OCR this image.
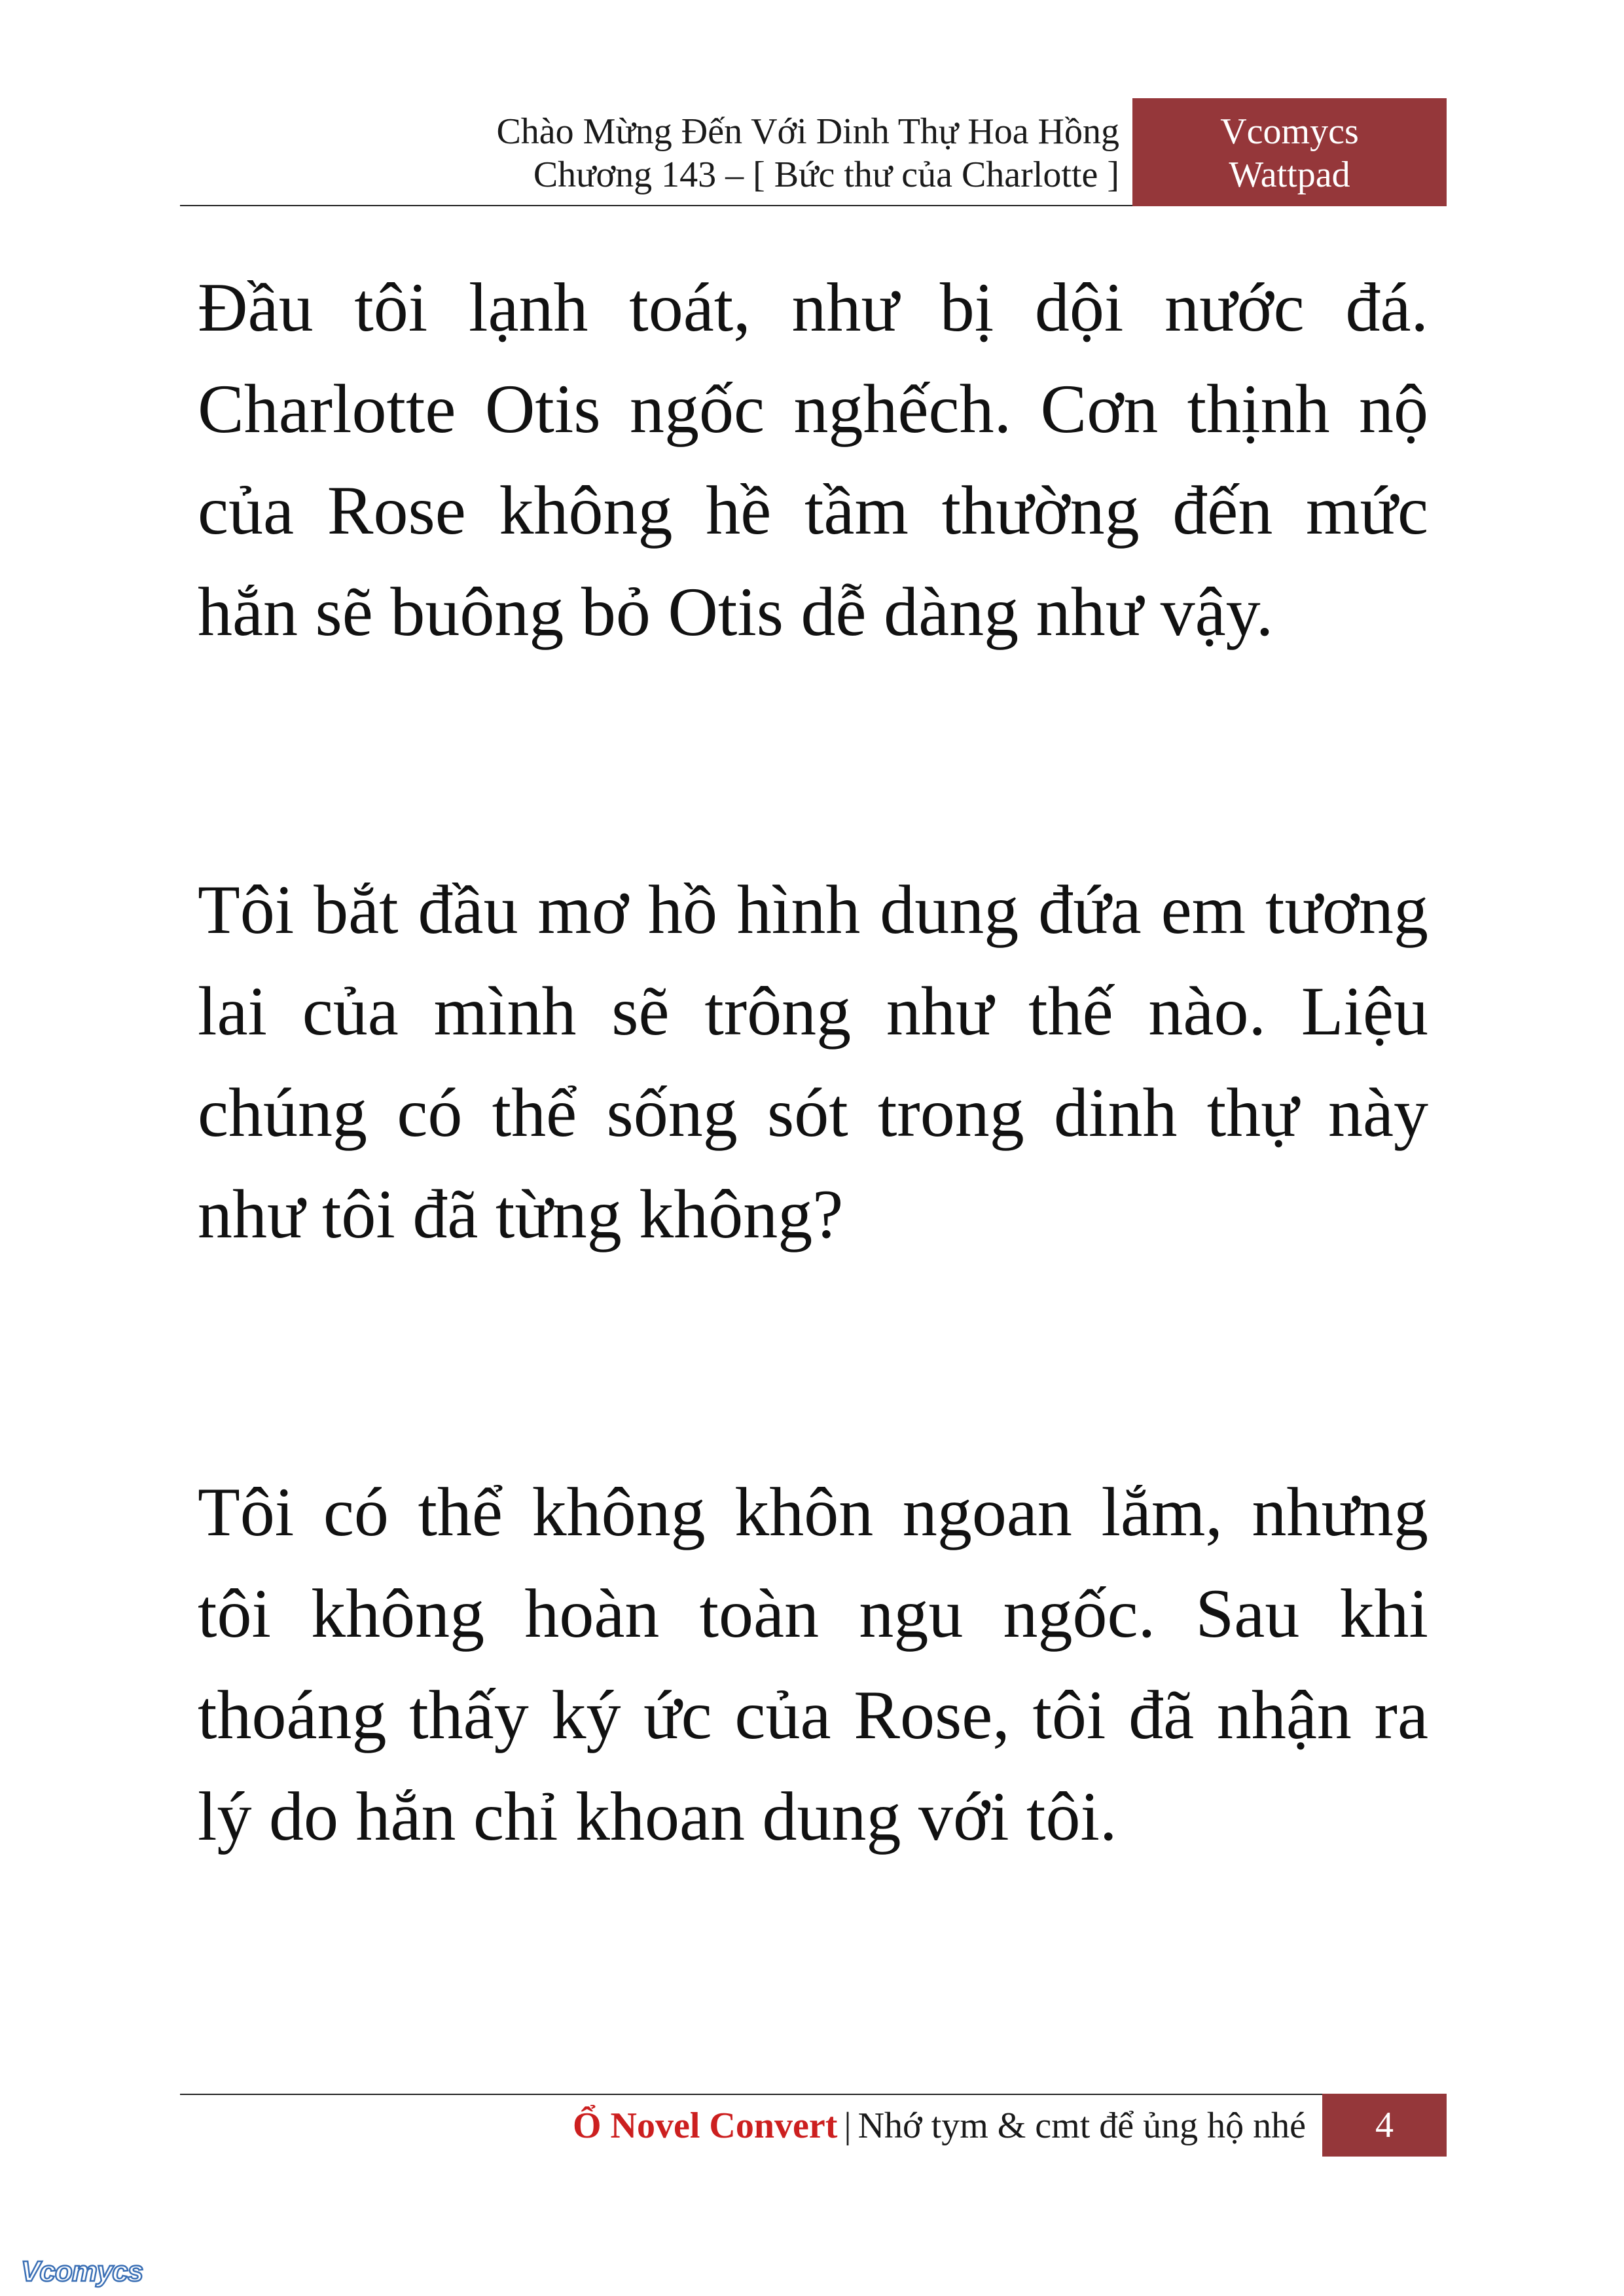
Chào Mừng Đến Với Dinh Thự Hoa Hồng
Chương 143 – [ Bức thư của Charlotte ]
Vcomycs
Wattpad

Đầu tôi lạnh toát, như bị dội nước đá. Charlotte Otis ngốc nghếch. Cơn thịnh nộ của Rose không hề tầm thường đến mức hắn sẽ buông bỏ Otis dễ dàng như vậy.

Tôi bắt đầu mơ hồ hình dung đứa em tương lai của mình sẽ trông như thế nào. Liệu chúng có thể sống sót trong dinh thự này như tôi đã từng không?

Tôi có thể không khôn ngoan lắm, nhưng tôi không hoàn toàn ngu ngốc. Sau khi thoáng thấy ký ức của Rose, tôi đã nhận ra lý do hắn chỉ khoan dung với tôi.

Ổ Novel Convert | Nhớ tym & cmt để ủng hộ nhé	4
Vcomycs
